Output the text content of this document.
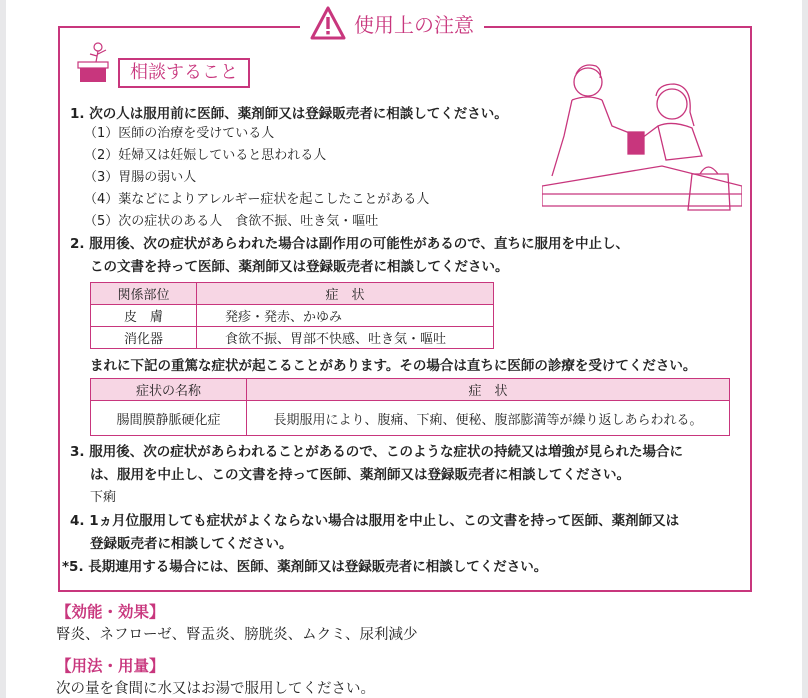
使用上の注意
相談すること
1. 次の人は服用前に医師、薬剤師又は登録販売者に相談してください。
（1）医師の治療を受けている人
（2）妊婦又は妊娠していると思われる人
（3）胃腸の弱い人
（4）薬などによりアレルギー症状を起こしたことがある人
（5）次の症状のある人　食欲不振、吐き気・嘔吐
2. 服用後、次の症状があらわれた場合は副作用の可能性があるので、直ちに服用を中止し、
この文書を持って医師、薬剤師又は登録販売者に相談してください。
関係部位	症　状
皮　膚	発疹・発赤、かゆみ
消化器	食欲不振、胃部不快感、吐き気・嘔吐
まれに下記の重篤な症状が起こることがあります。その場合は直ちに医師の診療を受けてください。
症状の名称	症　状
腸間膜静脈硬化症	長期服用により、腹痛、下痢、便秘、腹部膨満等が繰り返しあらわれる。
3. 服用後、次の症状があらわれることがあるので、このような症状の持続又は増強が見られた場合に
は、服用を中止し、この文書を持って医師、薬剤師又は登録販売者に相談してください。
下痢
4. 1ヵ月位服用しても症状がよくならない場合は服用を中止し、この文書を持って医師、薬剤師又は
登録販売者に相談してください。
*5. 長期連用する場合には、医師、薬剤師又は登録販売者に相談してください。
【効能・効果】
腎炎、ネフローゼ、腎盂炎、膀胱炎、ムクミ、尿利減少
【用法・用量】
次の量を食間に水又はお湯で服用してください。
